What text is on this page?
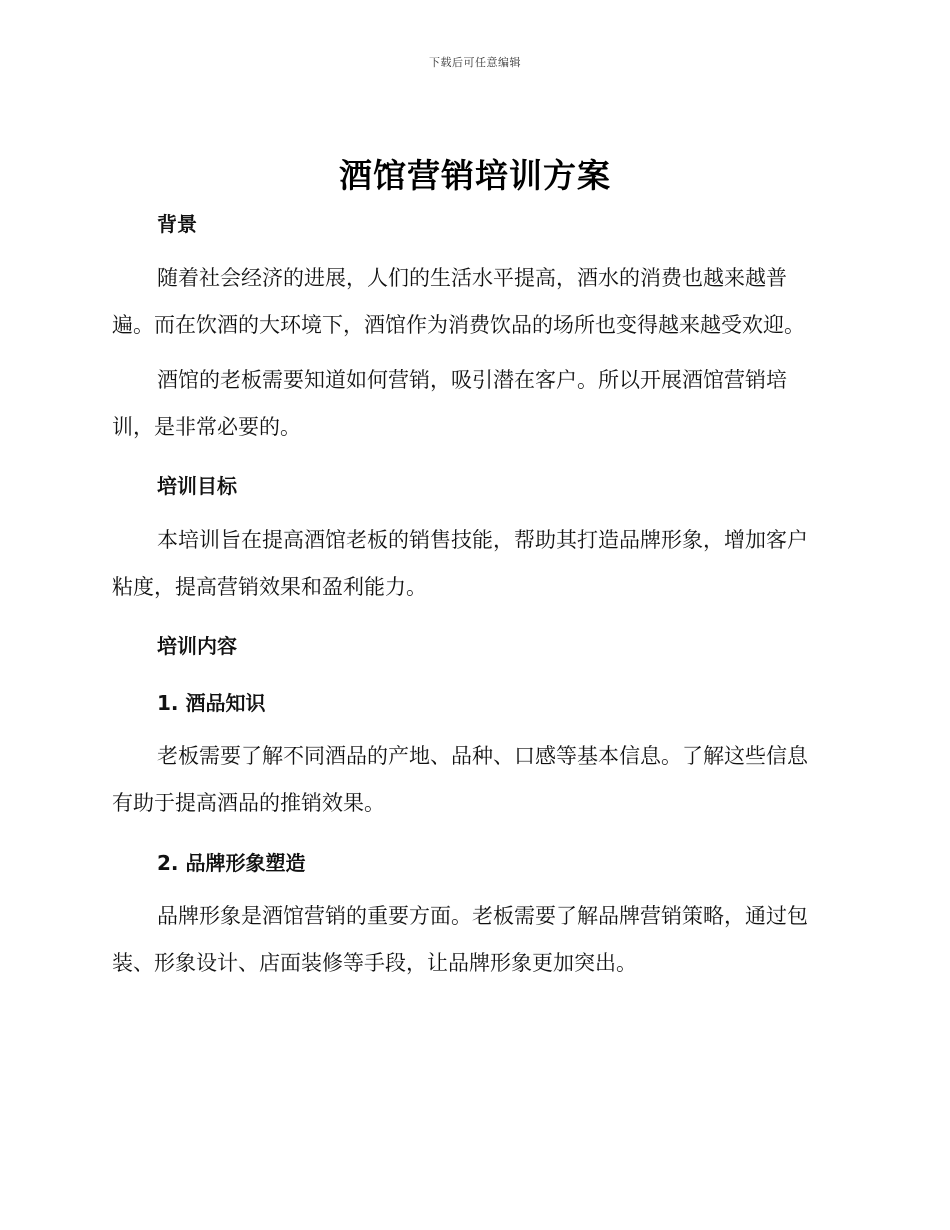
下载后可任意编辑
酒馆营销培训方案
背景

随着社会经济的进展，人们的生活水平提高，酒水的消费也越来越普
遍。而在饮酒的大环境下，酒馆作为消费饮品的场所也变得越来越受欢迎。

酒馆的老板需要知道如何营销，吸引潜在客户。所以开展酒馆营销培
训，是非常必要的。

培训目标

本培训旨在提高酒馆老板的销售技能，帮助其打造品牌形象，增加客户
粘度，提高营销效果和盈利能力。

培训内容
1. 酒品知识

老板需要了解不同酒品的产地、品种、口感等基本信息。了解这些信息
有助于提高酒品的推销效果。

2. 品牌形象塑造

品牌形象是酒馆营销的重要方面。老板需要了解品牌营销策略，通过包
装、形象设计、店面装修等手段，让品牌形象更加突出。
